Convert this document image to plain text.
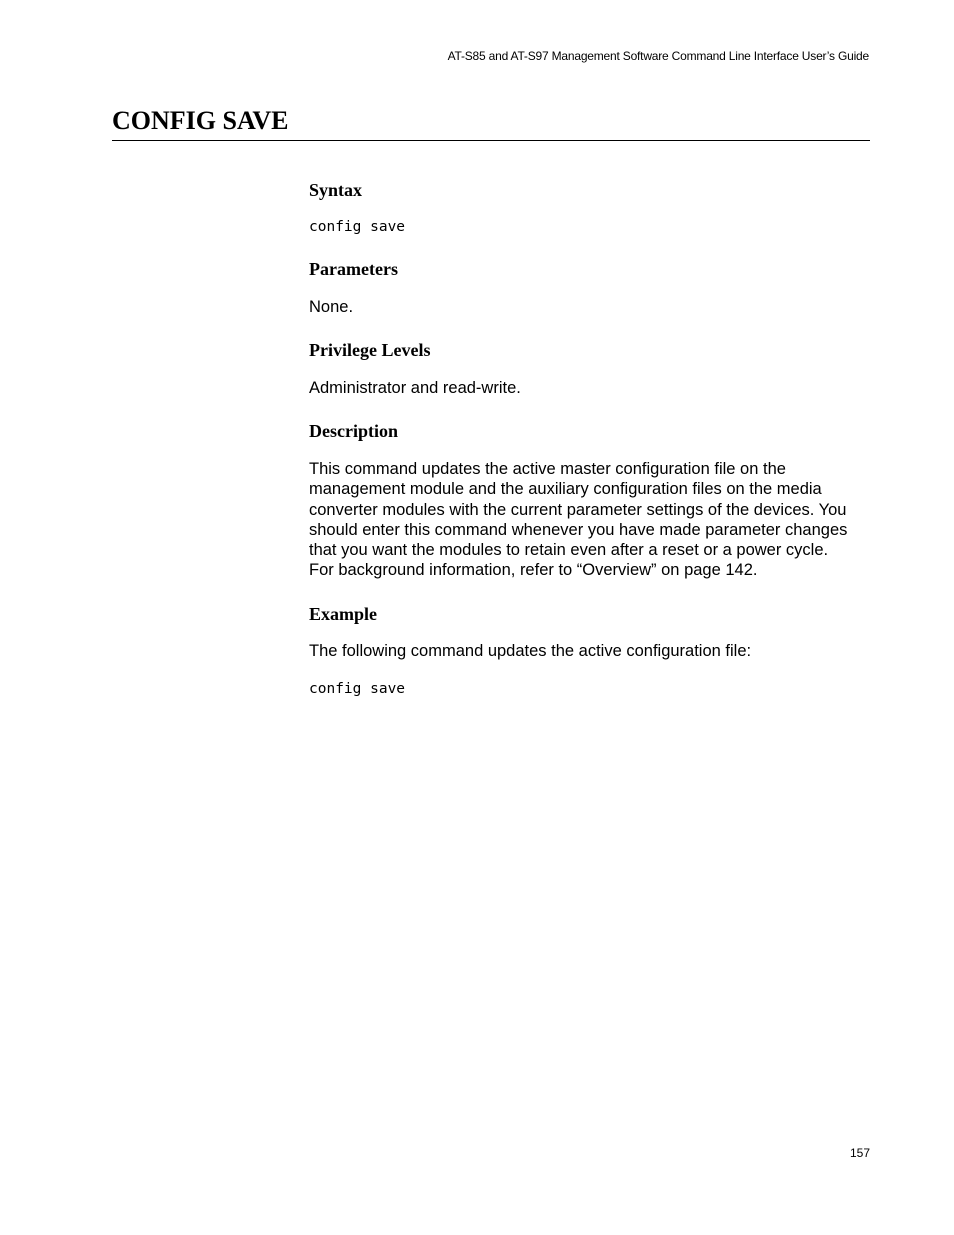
AT-S85 and AT-S97 Management Software Command Line Interface User’s Guide
CONFIG SAVE
Syntax
config save
Parameters

None.

Privilege Levels

Administrator and read-write.

Description
This command updates the active master configuration file on the
management module and the auxiliary configuration files on the media
converter modules with the current parameter settings of the devices. You
should enter this command whenever you have made parameter changes
that you want the modules to retain even after a reset or a power cycle.
For background information, refer to “Overview” on page 142.
Example

The following command updates the active configuration file:

config save
157
